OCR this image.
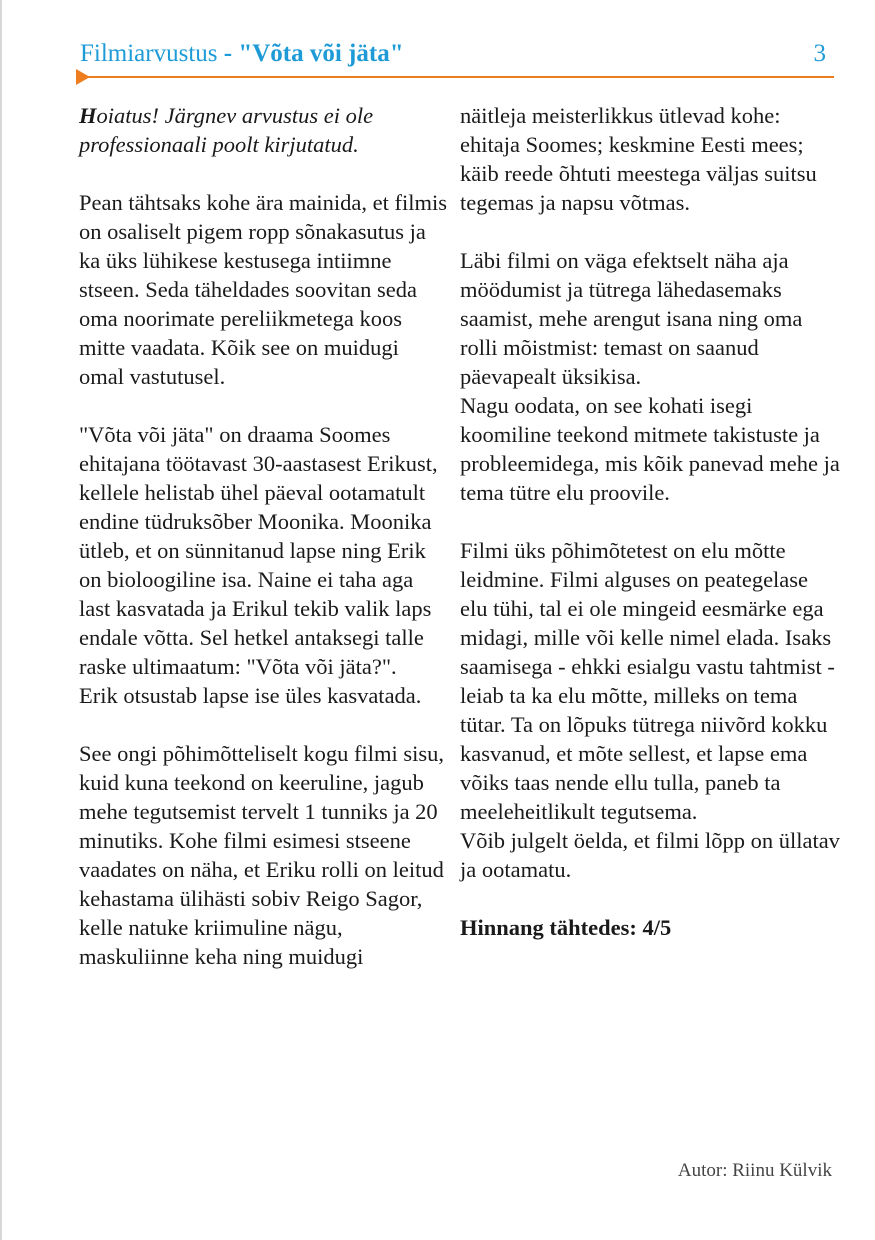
Filmiarvustus - "Võta või jäta"	3

Hoiatus! Järgnev arvustus ei ole professionaali poolt kirjutatud.

Pean tähtsaks kohe ära mainida, et filmis on osaliselt pigem ropp sõnakasutus ja ka üks lühikese kestusega intiimne stseen. Seda täheldades soovitan seda oma noorimate pereliikmetega koos mitte vaadata. Kõik see on muidugi omal vastutusel.

"Võta või jäta" on draama Soomes ehitajana töötavast 30-aastasest Erikust, kellele helistab ühel päeval ootamatult endine tüdruksõber Moonika. Moonika ütleb, et on sünnitanud lapse ning Erik on bioloogiline isa. Naine ei taha aga last kasvatada ja Erikul tekib valik laps endale võtta. Sel hetkel antaksegi talle raske ultimaatum: "Võta või jäta?".
Erik otsustab lapse ise üles kasvatada.

See ongi põhimõtteliselt kogu filmi sisu, kuid kuna teekond on keeruline, jagub mehe tegutsemist tervelt 1 tunniks ja 20 minutiks. Kohe filmi esimesi stseene vaadates on näha, et Eriku rolli on leitud kehastama ülihästi sobiv Reigo Sagor, kelle natuke kriimuline nägu, maskuliinne keha ning muidugi

näitleja meisterlikkus ütlevad kohe: ehitaja Soomes; keskmine Eesti mees; käib reede õhtuti meestega väljas suitsu tegemas ja napsu võtmas.

Läbi filmi on väga efektselt näha aja möödumist ja tütrega lähedasemaks saamist, mehe arengut isana ning oma rolli mõistmist: temast on saanud päevapealt üksikisa.
Nagu oodata, on see kohati isegi koomiline teekond mitmete takistuste ja probleemidega, mis kõik panevad mehe ja tema tütre elu proovile.

Filmi üks põhimõtetest on elu mõtte leidmine. Filmi alguses on peategelase elu tühi, tal ei ole mingeid eesmärke ega midagi, mille või kelle nimel elada. Isaks saamisega - ehkki esialgu vastu tahtmist - leiab ta ka elu mõtte, milleks on tema tütar. Ta on lõpuks tütrega niivõrd kokku kasvanud, et mõte sellest, et lapse ema võiks taas nende ellu tulla, paneb ta meeleheitlikult tegutsema.
Võib julgelt öelda, et filmi lõpp on üllatav ja ootamatu.

Hinnang tähtedes: 4/5

Autor: Riinu Külvik
